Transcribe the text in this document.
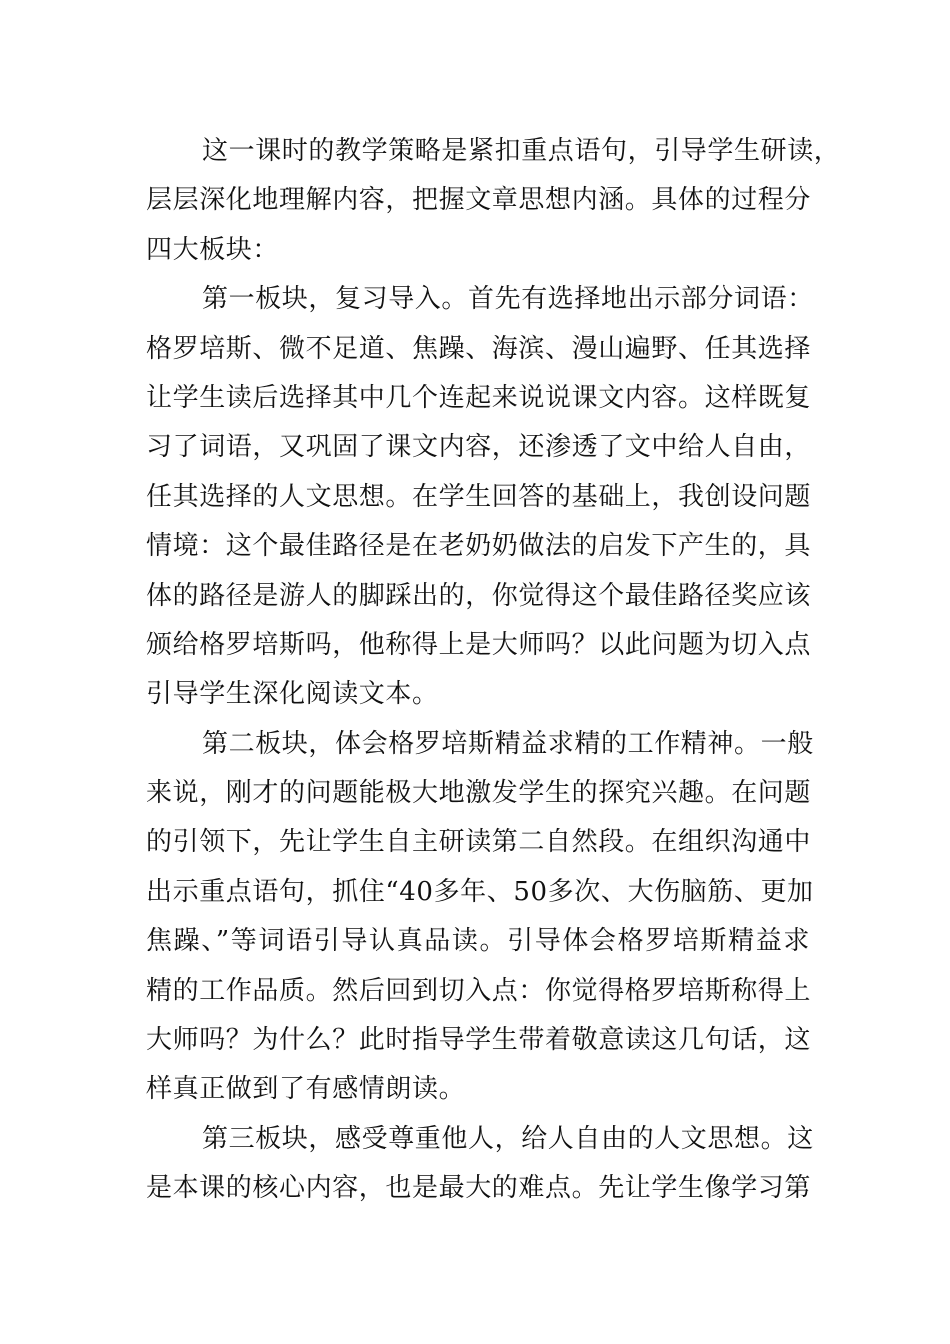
这一课时的教学策略是紧扣重点语句，引导学生研读，
层层深化地理解内容，把握文章思想内涵。具体的过程分
四大板块：
第一板块，复习导入。首先有选择地出示部分词语：
格罗培斯、微不足道、焦躁、海滨、漫山遍野、任其选择
让学生读后选择其中几个连起来说说课文内容。这样既复
习了词语，又巩固了课文内容，还渗透了文中给人自由，
任其选择的人文思想。在学生回答的基础上，我创设问题
情境：这个最佳路径是在老奶奶做法的启发下产生的，具
体的路径是游人的脚踩出的，你觉得这个最佳路径奖应该
颁给格罗培斯吗，他称得上是大师吗？以此问题为切入点
引导学生深化阅读文本。
第二板块，体会格罗培斯精益求精的工作精神。一般
来说，刚才的问题能极大地激发学生的探究兴趣。在问题
的引领下，先让学生自主研读第二自然段。在组织沟通中
出示重点语句，抓住“40多年、50多次、大伤脑筋、更加
焦躁、”等词语引导认真品读。引导体会格罗培斯精益求
精的工作品质。然后回到切入点：你觉得格罗培斯称得上
大师吗？为什么？此时指导学生带着敬意读这几句话，这
样真正做到了有感情朗读。
第三板块，感受尊重他人，给人自由的人文思想。这
是本课的核心内容，也是最大的难点。先让学生像学习第
